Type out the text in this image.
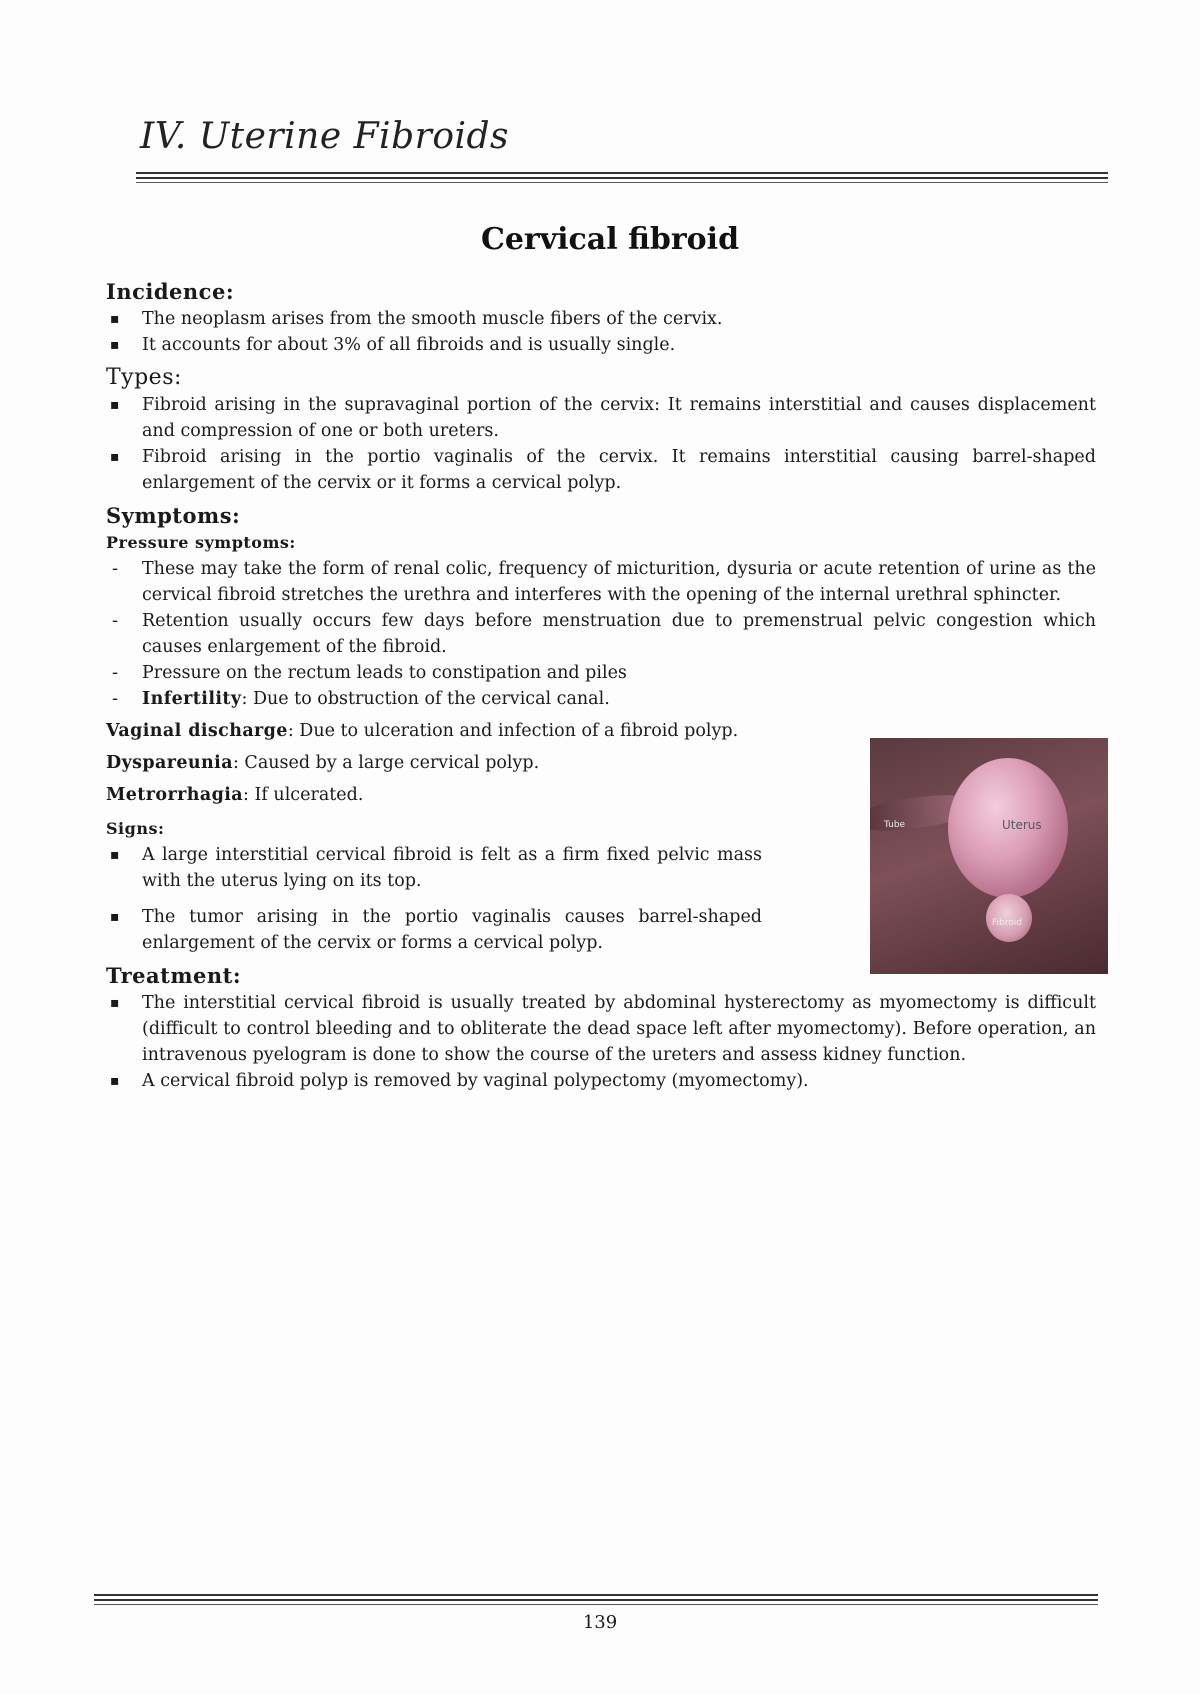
IV. Uterine Fibroids
Cervical fibroid
Incidence:
▪ The neoplasm arises from the smooth muscle fibers of the cervix.
▪ It accounts for about 3% of all fibroids and is usually single.
Types:
▪ Fibroid arising in the supravaginal portion of the cervix: It remains interstitial and causes displacement and compression of one or both ureters.
▪ Fibroid arising in the portio vaginalis of the cervix. It remains interstitial causing barrel-shaped enlargement of the cervix or it forms a cervical polyp.
Symptoms:
Pressure symptoms:
- These may take the form of renal colic, frequency of micturition, dysuria or acute retention of urine as the cervical fibroid stretches the urethra and interferes with the opening of the internal urethral sphincter.
- Retention usually occurs few days before menstruation due to premenstrual pelvic congestion which causes enlargement of the fibroid.
- Pressure on the rectum leads to constipation and piles
- Infertility: Due to obstruction of the cervical canal.

Vaginal discharge: Due to ulceration and infection of a fibroid polyp.

Dyspareunia: Caused by a large cervical polyp.

Metrorrhagia: If ulcerated.

Signs:
▪ A large interstitial cervical fibroid is felt as a firm fixed pelvic mass with the uterus lying on its top.
▪ The tumor arising in the portio vaginalis causes barrel-shaped enlargement of the cervix or forms a cervical polyp.
Treatment:
▪ The interstitial cervical fibroid is usually treated by abdominal hysterectomy as myomectomy is difficult (difficult to control bleeding and to obliterate the dead space left after myomectomy). Before operation, an intravenous pyelogram is done to show the course of the ureters and assess kidney function.
▪ A cervical fibroid polyp is removed by vaginal polypectomy (myomectomy).
Uterus
Tube
Fibroid
139
